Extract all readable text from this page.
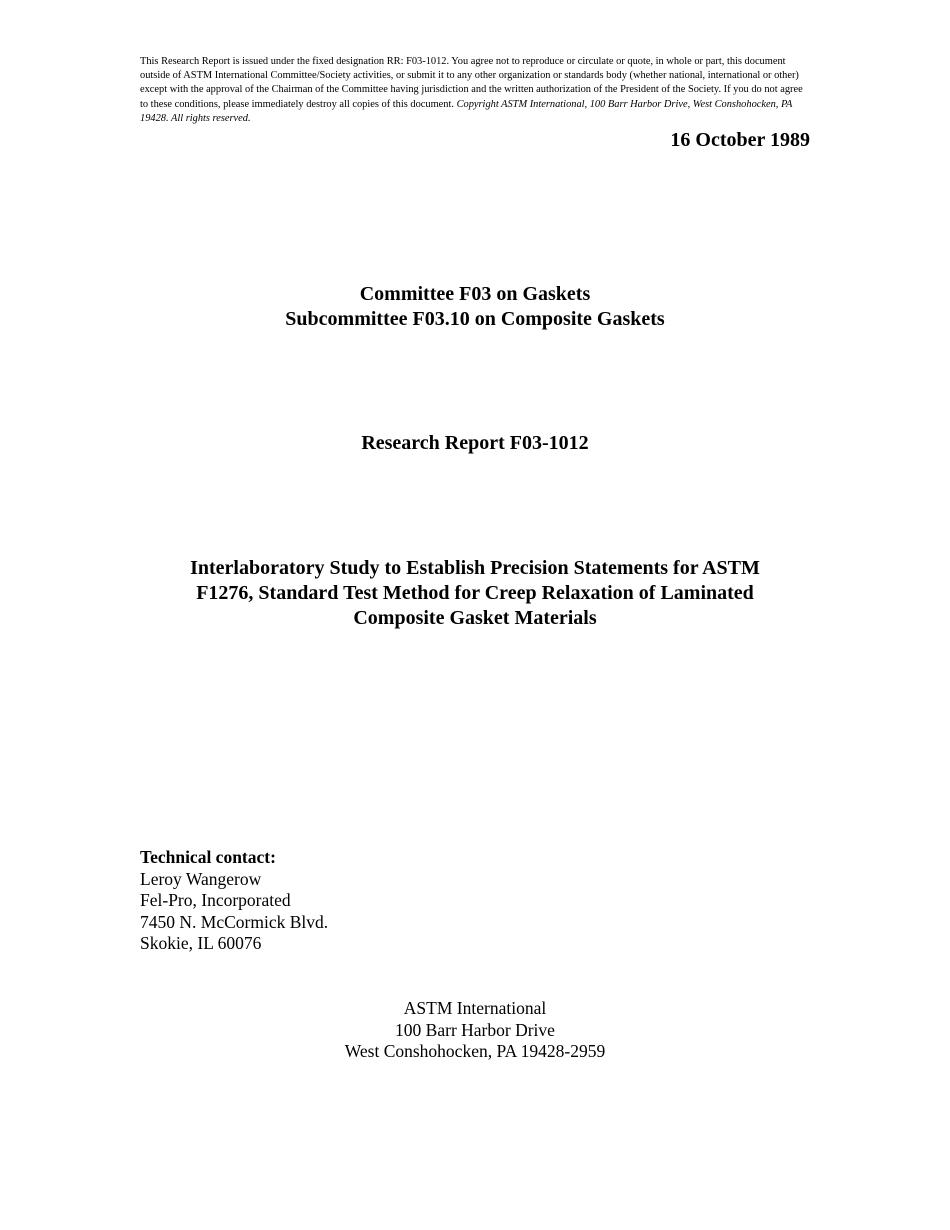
This Research Report is issued under the fixed designation RR: F03-1012. You agree not to reproduce or circulate or quote, in whole or part, this document outside of ASTM International Committee/Society activities, or submit it to any other organization or standards body (whether national, international or other) except with the approval of the Chairman of the Committee having jurisdiction and the written authorization of the President of the Society. If you do not agree to these conditions, please immediately destroy all copies of this document. Copyright ASTM International, 100 Barr Harbor Drive, West Conshohocken, PA 19428. All rights reserved.

16 October 1989

Committee F03 on Gaskets
Subcommittee F03.10 on Composite Gaskets
Research Report F03-1012
Interlaboratory Study to Establish Precision Statements for ASTM
F1276, Standard Test Method for Creep Relaxation of Laminated
Composite Gasket Materials
Technical contact:
Leroy Wangerow
Fel-Pro, Incorporated
7450 N. McCormick Blvd.
Skokie, IL 60076
ASTM International
100 Barr Harbor Drive
West Conshohocken, PA 19428-2959
